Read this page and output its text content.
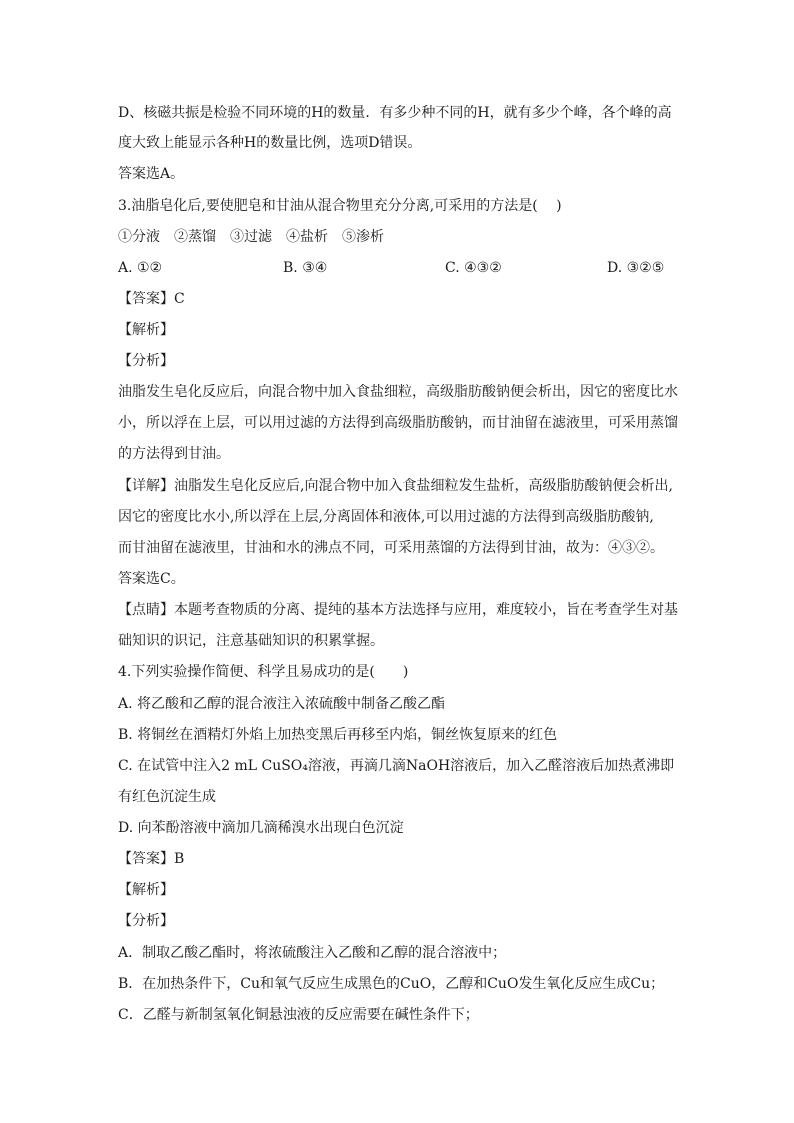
D、核磁共振是检验不同环境的H的数量．有多少种不同的H，就有多少个峰，各个峰的高
度大致上能显示各种H的数量比例，选项D错误。
答案选A。
3.油脂皂化后,要使肥皂和甘油从混合物里充分分离,可采用的方法是(　 )
①分液　②蒸馏　③过滤　④盐析　⑤渗析
A. ①②	B. ③④	C. ④③②	D. ③②⑤
【答案】C
【解析】
【分析】
油脂发生皂化反应后，向混合物中加入食盐细粒，高级脂肪酸钠便会析出，因它的密度比水
小，所以浮在上层，可以用过滤的方法得到高级脂肪酸钠，而甘油留在滤液里，可采用蒸馏
的方法得到甘油。
【详解】油脂发生皂化反应后,向混合物中加入食盐细粒发生盐析，高级脂肪酸钠便会析出,
因它的密度比水小,所以浮在上层,分离固体和液体,可以用过滤的方法得到高级脂肪酸钠,
而甘油留在滤液里，甘油和水的沸点不同，可采用蒸馏的方法得到甘油，故为：④③②。
答案选C。
【点睛】本题考查物质的分离、提纯的基本方法选择与应用，难度较小，旨在考查学生对基
础知识的识记，注意基础知识的积累掌握。
4.下列实验操作简便、科学且易成功的是(　　)
A. 将乙酸和乙醇的混合液注入浓硫酸中制备乙酸乙酯
B. 将铜丝在酒精灯外焰上加热变黑后再移至内焰，铜丝恢复原来的红色
C. 在试管中注入2 mL CuSO₄溶液，再滴几滴NaOH溶液后，加入乙醛溶液后加热煮沸即
有红色沉淀生成
D. 向苯酚溶液中滴加几滴稀溴水出现白色沉淀
【答案】B
【解析】
【分析】
A．制取乙酸乙酯时，将浓硫酸注入乙酸和乙醇的混合溶液中；
B．在加热条件下，Cu和氧气反应生成黑色的CuO，乙醇和CuO发生氧化反应生成Cu；
C．乙醛与新制氢氧化铜悬浊液的反应需要在碱性条件下；
